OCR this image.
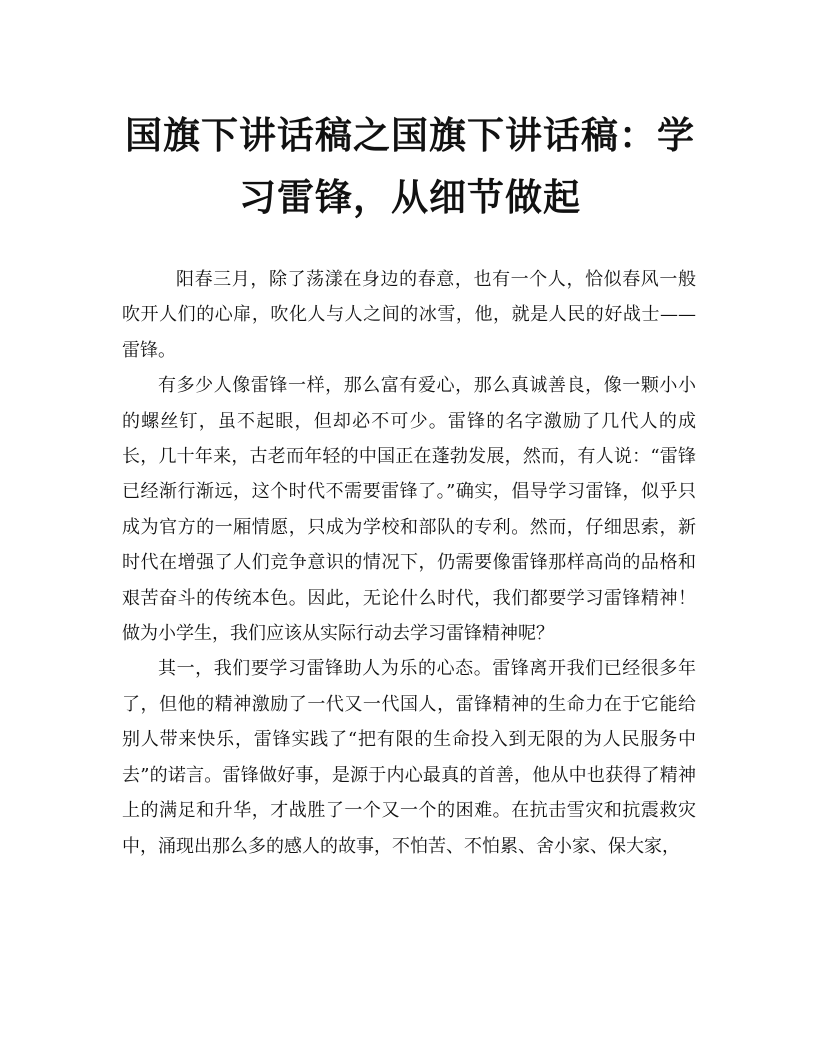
国旗下讲话稿之国旗下讲话稿：学习雷锋，从细节做起

阳春三月，除了荡漾在身边的春意，也有一个人，恰似春风一般吹开人们的心扉，吹化人与人之间的冰雪，他，就是人民的好战士——雷锋。

有多少人像雷锋一样，那么富有爱心，那么真诚善良，像一颗小小的螺丝钉，虽不起眼，但却必不可少。雷锋的名字激励了几代人的成长，几十年来，古老而年轻的中国正在蓬勃发展，然而，有人说：“雷锋已经渐行渐远，这个时代不需要雷锋了。”确实，倡导学习雷锋，似乎只成为官方的一厢情愿，只成为学校和部队的专利。然而，仔细思索，新时代在增强了人们竞争意识的情况下，仍需要像雷锋那样高尚的品格和艰苦奋斗的传统本色。因此，无论什么时代，我们都要学习雷锋精神！做为小学生，我们应该从实际行动去学习雷锋精神呢？

其一，我们要学习雷锋助人为乐的心态。雷锋离开我们已经很多年了，但他的精神激励了一代又一代国人，雷锋精神的生命力在于它能给别人带来快乐，雷锋实践了“把有限的生命投入到无限的为人民服务中去”的诺言。雷锋做好事，是源于内心最真的首善，他从中也获得了精神上的满足和升华，才战胜了一个又一个的困难。在抗击雪灾和抗震救灾中，涌现出那么多的感人的故事，不怕苦、不怕累、舍小家、保大家，
